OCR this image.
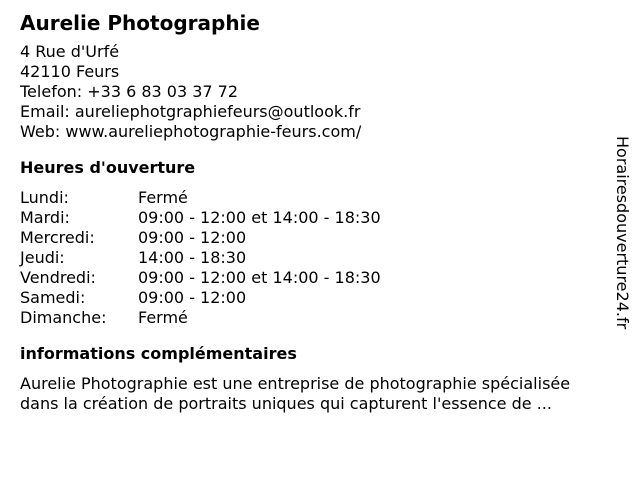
Aurelie Photographie
4 Rue d'Urfé
42110 Feurs
Telefon: +33 6 83 03 37 72
Email: aureliephotgraphiefeurs@outlook.fr
Web: www.aureliephotographie-feurs.com/
Heures d'ouverture
Lundi:	Fermé
Mardi:	09:00 - 12:00 et 14:00 - 18:30
Mercredi:	09:00 - 12:00
Jeudi:	14:00 - 18:30
Vendredi:	09:00 - 12:00 et 14:00 - 18:30
Samedi:	09:00 - 12:00
Dimanche:	Fermé
informations complémentaires
Aurelie Photographie est une entreprise de photographie spécialisée
dans la création de portraits uniques qui capturent l'essence de ...
Horairesdouverture24.fr
